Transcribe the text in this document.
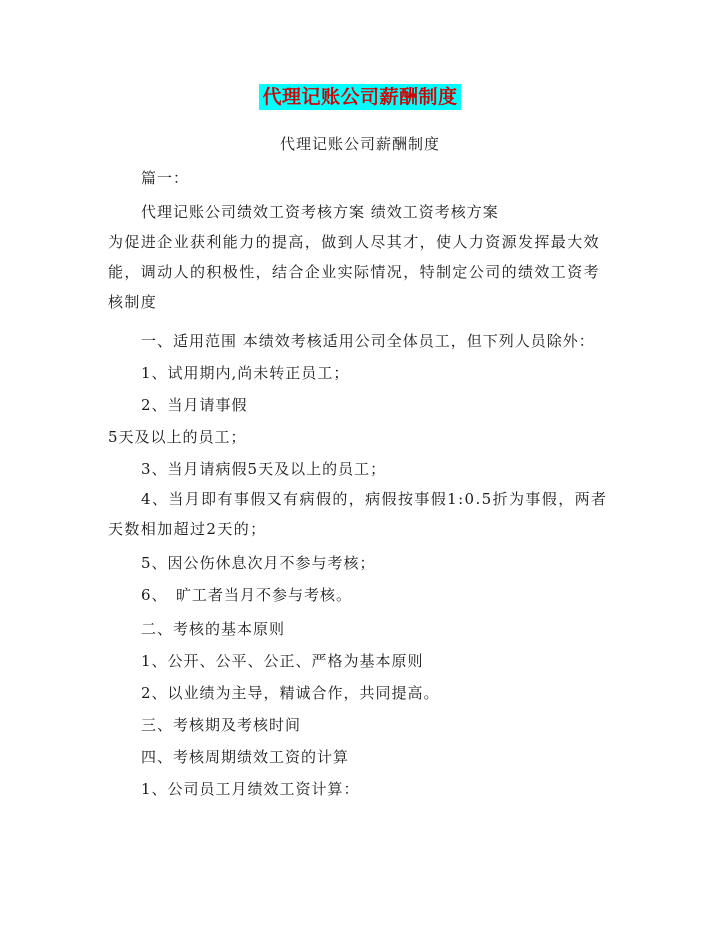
代理记账公司薪酬制度
代理记账公司薪酬制度
篇一：
代理记账公司绩效工资考核方案 绩效工资考核方案
为促进企业获利能力的提高，做到人尽其才，使人力资源发挥最大效能，调动人的积极性，结合企业实际情况，特制定公司的绩效工资考核制度
一、适用范围 本绩效考核适用公司全体员工，但下列人员除外：
1、试用期内,尚未转正员工；
2、当月请事假
5天及以上的员工；
3、当月请病假5天及以上的员工；
4、当月即有事假又有病假的，病假按事假1:0.5折为事假，两者天数相加超过2天的；
5、因公伤休息次月不参与考核；
6、　旷工者当月不参与考核。
二、考核的基本原则
1、公开、公平、公正、严格为基本原则
2、以业绩为主导，精诚合作，共同提高。
三、考核期及考核时间
四、考核周期绩效工资的计算
1、公司员工月绩效工资计算：
